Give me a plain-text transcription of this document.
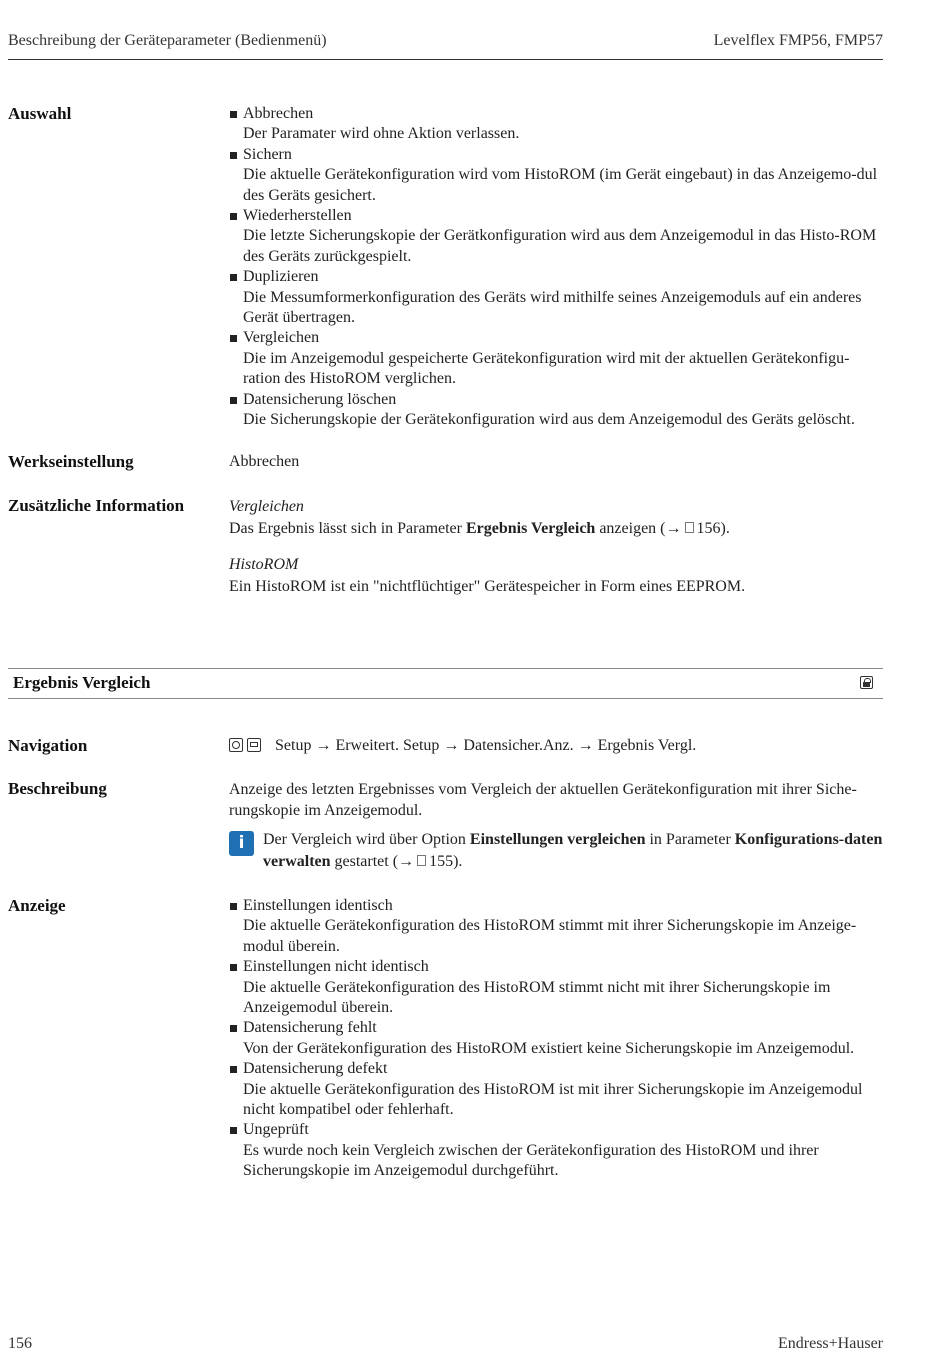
Beschreibung der Geräteparameter (Bedienmenü)	Levelflex FMP56, FMP57
Auswahl	Abbrechen
Der Paramater wird ohne Aktion verlassen.
Sichern
Die aktuelle Gerätekonfiguration wird vom HistoROM (im Gerät eingebaut) in das Anzeigemo-dul des Geräts gesichert.
Wiederherstellen
Die letzte Sicherungskopie der Gerätkonfiguration wird aus dem Anzeigemodul in das Histo-ROM des Geräts zurückgespielt.
Duplizieren
Die Messumformerkonfiguration des Geräts wird mithilfe seines Anzeigemoduls auf ein anderes Gerät übertragen.
Vergleichen
Die im Anzeigemodul gespeicherte Gerätekonfiguration wird mit der aktuellen Gerätekonfigu-ration des HistoROM verglichen.
Datensicherung löschen
Die Sicherungskopie der Gerätekonfiguration wird aus dem Anzeigemodul des Geräts gelöscht.
Werkseinstellung	Abbrechen
Zusätzliche Information	Vergleichen
Das Ergebnis lässt sich in Parameter Ergebnis Vergleich anzeigen (→ 156).
HistoROM
Ein HistoROM ist ein "nichtflüchtiger" Gerätespeicher in Form eines EEPROM.
Ergebnis Vergleich
Navigation	Setup → Erweitert. Setup → Datensicher.Anz. → Ergebnis Vergl.
Beschreibung	Anzeige des letzten Ergebnisses vom Vergleich der aktuellen Gerätekonfiguration mit ihrer Siche-rungskopie im Anzeigemodul.
i	Der Vergleich wird über Option Einstellungen vergleichen in Parameter Konfigurations-daten verwalten gestartet (→ 155).
Anzeige	Einstellungen identisch
Die aktuelle Gerätekonfiguration des HistoROM stimmt mit ihrer Sicherungskopie im Anzeige-modul überein.
Einstellungen nicht identisch
Die aktuelle Gerätekonfiguration des HistoROM stimmt nicht mit ihrer Sicherungskopie im Anzeigemodul überein.
Datensicherung fehlt
Von der Gerätekonfiguration des HistoROM existiert keine Sicherungskopie im Anzeigemodul.
Datensicherung defekt
Die aktuelle Gerätekonfiguration des HistoROM ist mit ihrer Sicherungskopie im Anzeigemodul nicht kompatibel oder fehlerhaft.
Ungeprüft
Es wurde noch kein Vergleich zwischen der Gerätekonfiguration des HistoROM und ihrer Sicherungskopie im Anzeigemodul durchgeführt.
156	Endress+Hauser
